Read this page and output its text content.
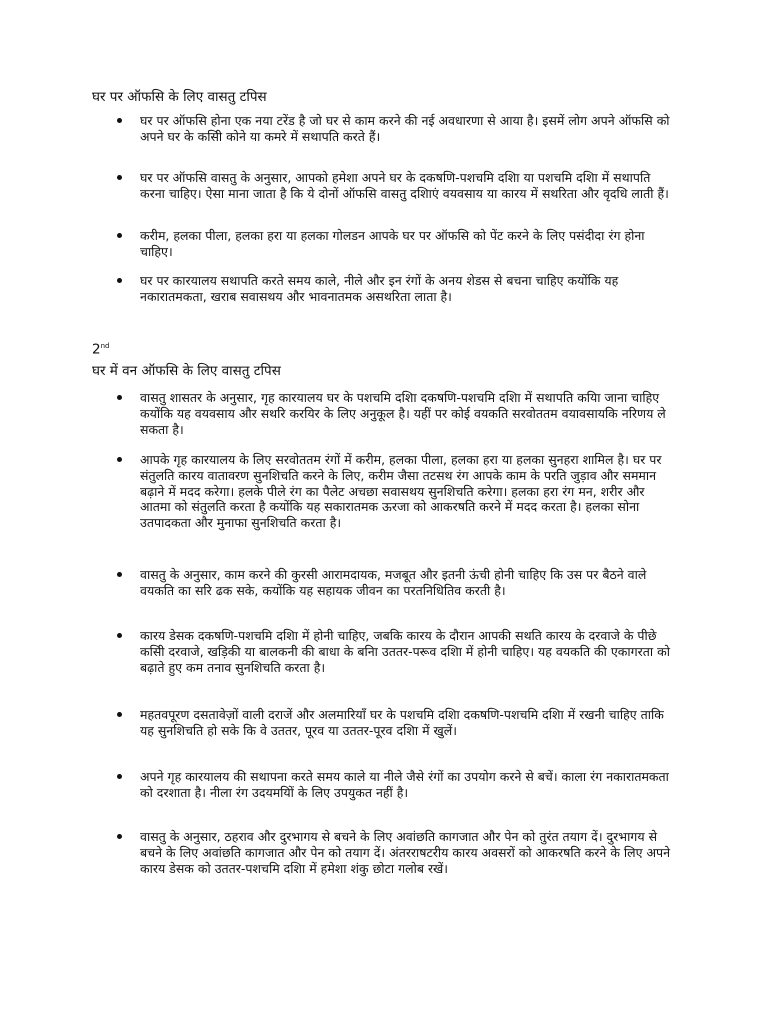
घर पर ऑफसि के लिए वासतु टपिस
घर पर ऑफसि होना एक नया टरेंड है जो घर से काम करने की नई अवधारणा से आया है। इसमें लोग अपने ऑफसि को अपने घर के कसिी कोने या कमरे में सथापति करते हैं।
घर पर ऑफसि वासतु के अनुसार, आपको हमेशा अपने घर के दकषणि-पशचमि दशाि या पशचमि दशाि में सथापति करना चाहिए। ऐसा माना जाता है कि ये दोनों ऑफसि वासतु दशिाएं वयवसाय या कारय में सथरिता और वृदधि लाती हैं।
करीम, हलका पीला, हलका हरा या हलका गोलडन आपके घर पर ऑफसि को पेंट करने के लिए पसंदीदा रंग होना चाहिए।
घर पर कारयालय सथापति करते समय काले, नीले और इन रंगों के अनय शेडस से बचना चाहिए कयोंकि यह नकारातमकता, खराब सवासथय और भावनातमक असथरिता लाता है।
2nd
घर में वन ऑफसि के लिए वासतु टपिस
वासतु शासतर के अनुसार, गृह कारयालय घर के पशचमि दशाि दकषणि-पशचमि दशाि में सथापति कयिा जाना चाहिए कयोंकि यह वयवसाय और सथरि करयिर के लिए अनुकूल है। यहीं पर कोई वयकति सरवोततम वयावसायकि नरिणय ले सकता है।
आपके गृह कारयालय के लिए सरवोततम रंगों में करीम, हलका पीला, हलका हरा या हलका सुनहरा शामिल है। घर पर संतुलति कारय वातावरण सुनशिचति करने के लिए, करीम जैसा तटसथ रंग आपके काम के परति जुड़ाव और सममान बढ़ाने में मदद करेगा। हलके पीले रंग का पैलेट अचछा सवासथय सुनशिचति करेगा। हलका हरा रंग मन, शरीर और आतमा को संतुलति करता है कयोंकि यह सकारातमक ऊरजा को आकरषति करने में मदद करता है। हलका सोना उतपादकता और मुनाफा सुनशिचति करता है।
वासतु के अनुसार, काम करने की कुरसी आरामदायक, मजबूत और इतनी ऊंची होनी चाहिए कि उस पर बैठने वाले वयकति का सरि ढक सके, कयोंकि यह सहायक जीवन का परतनिधितिव करती है।
कारय डेसक दकषणि-पशचमि दशाि में होनी चाहिए, जबकि कारय के दौरान आपकी सथति कारय के दरवाजे के पीछे कसिी दरवाजे, खड़िकी या बालकनी की बाधा के बनिा उततर-परूव दशाि में होनी चाहिए। यह वयकति की एकागरता को बढ़ाते हुए कम तनाव सुनशिचति करता है।
महतवपूरण दसतावेज़ों वाली दराजें और अलमारियाँ घर के पशचमि दशाि दकषणि-पशचमि दशाि में रखनी चाहिए ताकि यह सुनशिचति हो सके कि वे उततर, पूरव या उततर-पूरव दशाि में खुलें।
अपने गृह कारयालय की सथापना करते समय काले या नीले जैसे रंगों का उपयोग करने से बचें। काला रंग नकारातमकता को दरशाता है। नीला रंग उदयमयिों के लिए उपयुकत नहीं है।
वासतु के अनुसार, ठहराव और दुरभागय से बचने के लिए अवांछति कागजात और पेन को तुरंत तयाग दें। दुरभागय से बचने के लिए अवांछति कागजात और पेन को तयाग दें। अंतरराषटरीय कारय अवसरों को आकरषति करने के लिए अपने कारय डेसक को उततर-पशचमि दशाि में हमेशा शंकु छोटा गलोब रखें।
